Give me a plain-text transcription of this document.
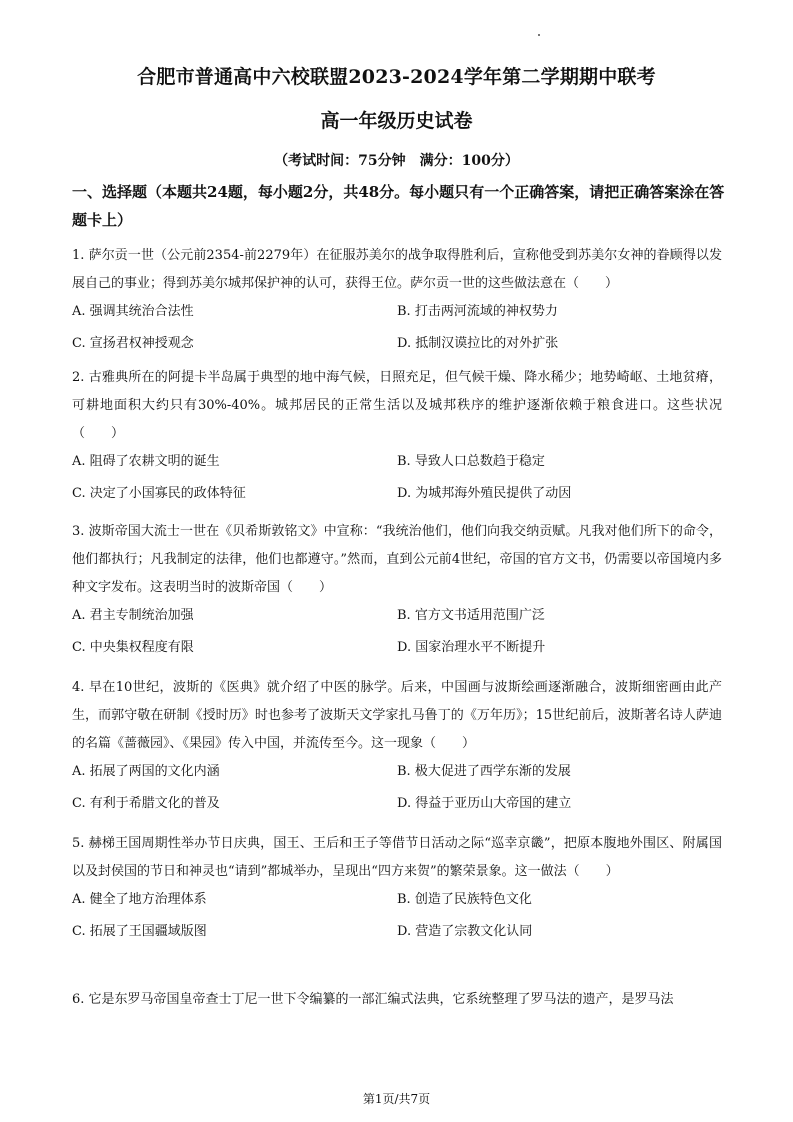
合肥市普通高中六校联盟2023-2024学年第二学期期中联考
高一年级历史试卷
（考试时间：75分钟　满分：100分）
一、选择题（本题共24题，每小题2分，共48分。每小题只有一个正确答案，请把正确答案涂在答题卡上）

1. 萨尔贡一世（公元前2354-前2279年）在征服苏美尔的战争取得胜利后，宣称他受到苏美尔女神的眷顾得以发展自己的事业；得到苏美尔城邦保护神的认可，获得王位。萨尔贡一世的这些做法意在（　　）

A. 强调其统治合法性	B. 打击两河流域的神权势力
C. 宣扬君权神授观念	D. 抵制汉谟拉比的对外扩张

2. 古雅典所在的阿提卡半岛属于典型的地中海气候，日照充足，但气候干燥、降水稀少；地势崎岖、土地贫瘠，可耕地面积大约只有30%-40%。城邦居民的正常生活以及城邦秩序的维护逐渐依赖于粮食进口。这些状况（　　）

A. 阻碍了农耕文明的诞生	B. 导致人口总数趋于稳定
C. 决定了小国寡民的政体特征	D. 为城邦海外殖民提供了动因

3. 波斯帝国大流士一世在《贝希斯敦铭文》中宣称：“我统治他们，他们向我交纳贡赋。凡我对他们所下的命令，他们都执行；凡我制定的法律，他们也都遵守。”然而，直到公元前4世纪，帝国的官方文书，仍需要以帝国境内多种文字发布。这表明当时的波斯帝国（　　）

A. 君主专制统治加强	B. 官方文书适用范围广泛
C. 中央集权程度有限	D. 国家治理水平不断提升

4. 早在10世纪，波斯的《医典》就介绍了中医的脉学。后来，中国画与波斯绘画逐渐融合，波斯细密画由此产生，而郭守敬在研制《授时历》时也参考了波斯天文学家扎马鲁丁的《万年历》；15世纪前后，波斯著名诗人萨迪的名篇《蔷薇园》、《果园》传入中国，并流传至今。这一现象（　　）

A. 拓展了两国的文化内涵	B. 极大促进了西学东渐的发展
C. 有利于希腊文化的普及	D. 得益于亚历山大帝国的建立

5. 赫梯王国周期性举办节日庆典，国王、王后和王子等借节日活动之际“巡幸京畿”，把原本腹地外围区、附属国以及封侯国的节日和神灵也“请到”都城举办，呈现出“四方来贺”的繁荣景象。这一做法（　　）

A. 健全了地方治理体系	B. 创造了民族特色文化
C. 拓展了王国疆域版图	D. 营造了宗教文化认同

6. 它是东罗马帝国皇帝查士丁尼一世下令编纂的一部汇编式法典，它系统整理了罗马法的遗产，是罗马法

第1页/共7页
